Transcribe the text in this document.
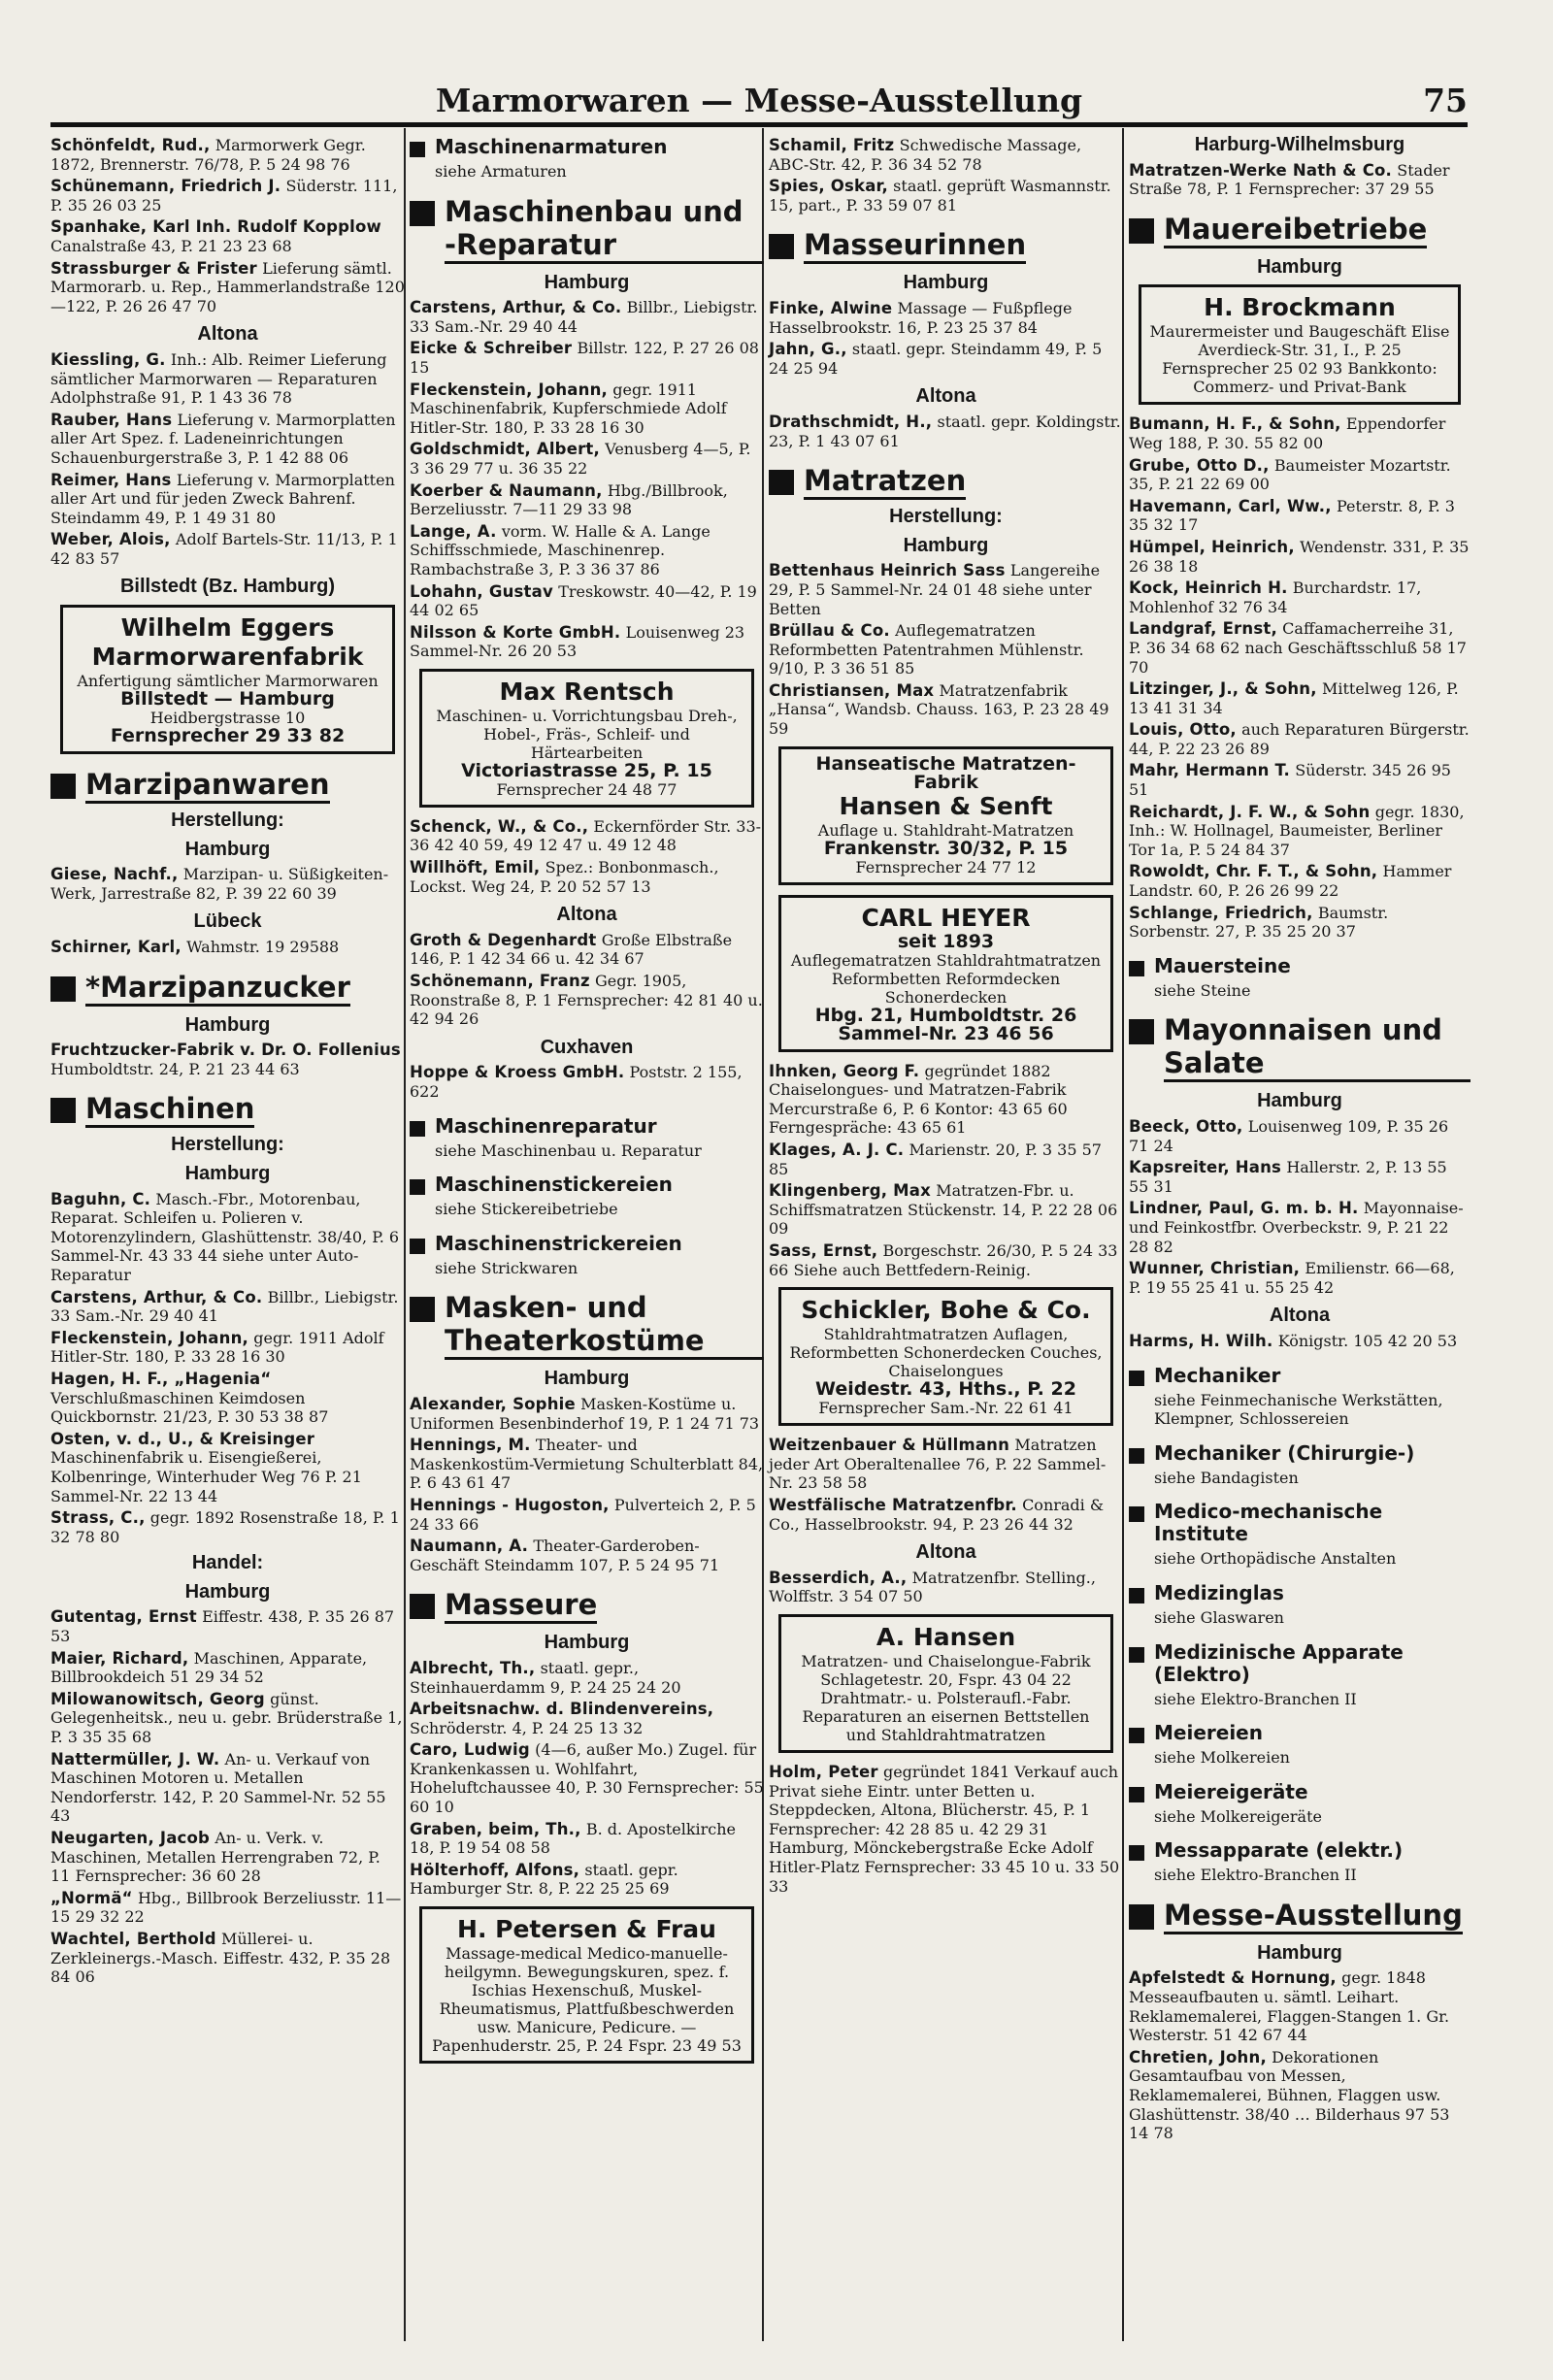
Marmorwaren — Messe-Ausstellung	75
Schönfeldt, Rud., Marmorwerk Gegr. 1872, Brennerstr. 76/78, P. 5 24 98 76
Schünemann, Friedrich J. Süderstr. 111, P. 35 26 03 25
Spanhake, Karl Inh. Rudolf Kopplow Canalstraße 43, P. 21 23 23 68
Strassburger & Frister Lieferung sämtl. Marmorarb. u. Rep., Hammerlandstraße 120—122, P. 26 26 47 70
Altona
Kiessling, G. Inh.: Alb. Reimer Lieferung sämtlicher Marmorwaren — Reparaturen Adolphstraße 91, P. 1 43 36 78
Rauber, Hans Lieferung v. Marmorplatten aller Art Spez. f. Ladeneinrichtungen Schauenburgerstraße 3, P. 1 42 88 06
Reimer, Hans Lieferung v. Marmorplatten aller Art und für jeden Zweck Bahrenf. Steindamm 49, P. 1 49 31 80
Weber, Alois, Adolf Bartels-Str. 11/13, P. 1 42 83 57
Billstedt (Bz. Hamburg)
Wilhelm Eggers Marmorwarenfabrik
Anfertigung sämtlicher Marmorwaren
Billstedt — Hamburg
Heidbergstrasse 10
Fernsprecher 29 33 82
Marzipanwaren
Herstellung:
Hamburg
Giese, Nachf., Marzipan- u. Süßigkeiten-Werk, Jarrestraße 82, P. 39 22 60 39
Lübeck
Schirner, Karl, Wahmstr. 19 29588
*Marzipanzucker
Hamburg
Fruchtzucker-Fabrik v. Dr. O. Follenius Humboldtstr. 24, P. 21 23 44 63
Maschinen
Herstellung:
Hamburg
Baguhn, C. Masch.-Fbr., Motorenbau, Reparat. Schleifen u. Polieren v. Motorenzylindern, Glashüttenstr. 38/40, P. 6 Sammel-Nr. 43 33 44 siehe unter Auto-Reparatur
Carstens, Arthur, & Co. Billbr., Liebigstr. 33 Sam.-Nr. 29 40 41
Fleckenstein, Johann, gegr. 1911 Adolf Hitler-Str. 180, P. 33 28 16 30
Hagen, H. F., „Hagenia“ Verschlußmaschinen Keimdosen Quickbornstr. 21/23, P. 30 53 38 87
Osten, v. d., U., & Kreisinger Maschinenfabrik u. Eisengießerei, Kolbenringe, Winterhuder Weg 76 P. 21 Sammel-Nr. 22 13 44
Strass, C., gegr. 1892 Rosenstraße 18, P. 1 32 78 80
Handel:
Hamburg
Gutentag, Ernst Eiffestr. 438, P. 35 26 87 53
Maier, Richard, Maschinen, Apparate, Billbrookdeich 51 29 34 52
Milowanowitsch, Georg günst. Gelegenheitsk., neu u. gebr. Brüderstraße 1, P. 3 35 35 68
Nattermüller, J. W. An- u. Verkauf von Maschinen Motoren u. Metallen Nendorferstr. 142, P. 20 Sammel-Nr. 52 55 43
Neugarten, Jacob An- u. Verk. v. Maschinen, Metallen Herrengraben 72, P. 11 Fernsprecher: 36 60 28
„Normä“ Hbg., Billbrook Berzeliusstr. 11—15 29 32 22
Wachtel, Berthold Müllerei- u. Zerkleinergs.-Masch. Eiffestr. 432, P. 35 28 84 06
Maschinenarmaturen
siehe Armaturen
Maschinenbau und -Reparatur
Hamburg
Carstens, Arthur, & Co. Billbr., Liebigstr. 33 Sam.-Nr. 29 40 44
Eicke & Schreiber Billstr. 122, P. 27 26 08 15
Fleckenstein, Johann, gegr. 1911 Maschinenfabrik, Kupferschmiede Adolf Hitler-Str. 180, P. 33 28 16 30
Goldschmidt, Albert, Venusberg 4—5, P. 3 36 29 77 u. 36 35 22
Koerber & Naumann, Hbg./Billbrook, Berzeliusstr. 7—11 29 33 98
Lange, A. vorm. W. Halle & A. Lange Schiffsschmiede, Maschinenrep. Rambachstraße 3, P. 3 36 37 86
Lohahn, Gustav Treskowstr. 40—42, P. 19 44 02 65
Nilsson & Korte GmbH. Louisenweg 23 Sammel-Nr. 26 20 53
Max Rentsch
Maschinen- u. Vorrichtungsbau Dreh-, Hobel-, Fräs-, Schleif- und Härtearbeiten
Victoriastrasse 25, P. 15
Fernsprecher 24 48 77
Schenck, W., & Co., Eckernförder Str. 33-36 42 40 59, 49 12 47 u. 49 12 48
Willhöft, Emil, Spez.: Bonbonmasch., Lockst. Weg 24, P. 20 52 57 13
Altona
Groth & Degenhardt Große Elbstraße 146, P. 1 42 34 66 u. 42 34 67
Schönemann, Franz Gegr. 1905, Roonstraße 8, P. 1 Fernsprecher: 42 81 40 u. 42 94 26
Cuxhaven
Hoppe & Kroess GmbH. Poststr. 2 155, 622
Maschinenreparatur
siehe Maschinenbau u. Reparatur
Maschinenstickereien
siehe Stickereibetriebe
Maschinenstrickereien
siehe Strickwaren
Masken- und Theaterkostüme
Hamburg
Alexander, Sophie Masken-Kostüme u. Uniformen Besenbinderhof 19, P. 1 24 71 73
Hennings, M. Theater- und Maskenkostüm-Vermietung Schulterblatt 84, P. 6 43 61 47
Hennings - Hugoston, Pulverteich 2, P. 5 24 33 66
Naumann, A. Theater-Garderoben-Geschäft Steindamm 107, P. 5 24 95 71
Masseure
Hamburg
Albrecht, Th., staatl. gepr., Steinhauerdamm 9, P. 24 25 24 20
Arbeitsnachw. d. Blindenvereins, Schröderstr. 4, P. 24 25 13 32
Caro, Ludwig (4—6, außer Mo.) Zugel. für Krankenkassen u. Wohlfahrt, Hoheluftchaussee 40, P. 30 Fernsprecher: 55 60 10
Graben, beim, Th., B. d. Apostelkirche 18, P. 19 54 08 58
Hölterhoff, Alfons, staatl. gepr. Hamburger Str. 8, P. 22 25 25 69
H. Petersen & Frau
Massage-medical Medico-manuelle-heilgymn. Bewegungskuren, spez. f. Ischias Hexenschuß, Muskel-Rheumatismus, Plattfußbeschwerden usw. Manicure, Pedicure. — Papenhuderstr. 25, P. 24 Fspr. 23 49 53
Schamil, Fritz Schwedische Massage, ABC-Str. 42, P. 36 34 52 78
Spies, Oskar, staatl. geprüft Wasmannstr. 15, part., P. 33 59 07 81
Masseurinnen
Hamburg
Finke, Alwine Massage — Fußpflege Hasselbrookstr. 16, P. 23 25 37 84
Jahn, G., staatl. gepr. Steindamm 49, P. 5 24 25 94
Altona
Drathschmidt, H., staatl. gepr. Koldingstr. 23, P. 1 43 07 61
Matratzen
Herstellung:
Hamburg
Bettenhaus Heinrich Sass Langereihe 29, P. 5 Sammel-Nr. 24 01 48 siehe unter Betten
Brüllau & Co. Auflegematratzen Reformbetten Patentrahmen Mühlenstr. 9/10, P. 3 36 51 85
Christiansen, Max Matratzenfabrik „Hansa“, Wandsb. Chauss. 163, P. 23 28 49 59
Hanseatische Matratzen-Fabrik
Hansen & Senft
Auflage u. Stahldraht-Matratzen
Frankenstr. 30/32, P. 15
Fernsprecher 24 77 12
CARL HEYER
seit 1893
Auflegematratzen Stahldrahtmatratzen Reformbetten Reformdecken Schonerdecken
Hbg. 21, Humboldtstr. 26
Sammel-Nr. 23 46 56
Ihnken, Georg F. gegründet 1882 Chaiselongues- und Matratzen-Fabrik Mercurstraße 6, P. 6 Kontor: 43 65 60 Ferngespräche: 43 65 61
Klages, A. J. C. Marienstr. 20, P. 3 35 57 85
Klingenberg, Max Matratzen-Fbr. u. Schiffsmatratzen Stückenstr. 14, P. 22 28 06 09
Sass, Ernst, Borgeschstr. 26/30, P. 5 24 33 66 Siehe auch Bettfedern-Reinig.
Schickler, Bohe & Co.
Stahldrahtmatratzen Auflagen, Reformbetten Schonerdecken Couches, Chaiselongues
Weidestr. 43, Hths., P. 22
Fernsprecher Sam.-Nr. 22 61 41
Weitzenbauer & Hüllmann Matratzen jeder Art Oberaltenallee 76, P. 22 Sammel-Nr. 23 58 58
Westfälische Matratzenfbr. Conradi & Co., Hasselbrookstr. 94, P. 23 26 44 32
Altona
Besserdich, A., Matratzenfbr. Stelling., Wolffstr. 3 54 07 50
A. Hansen
Matratzen- und Chaiselongue-Fabrik
Schlagetestr. 20, Fspr. 43 04 22 Drahtmatr.- u. Polsteraufl.-Fabr. Reparaturen an eisernen Bettstellen und Stahldrahtmatratzen
Holm, Peter gegründet 1841 Verkauf auch Privat siehe Eintr. unter Betten u. Steppdecken, Altona, Blücherstr. 45, P. 1 Fernsprecher: 42 28 85 u. 42 29 31 Hamburg, Mönckebergstraße Ecke Adolf Hitler-Platz Fernsprecher: 33 45 10 u. 33 50 33
Harburg-Wilhelmsburg
Matratzen-Werke Nath & Co. Stader Straße 78, P. 1 Fernsprecher: 37 29 55
Mauereibetriebe
Hamburg
H. Brockmann
Maurermeister und Baugeschäft Elise Averdieck-Str. 31, I., P. 25 Fernsprecher 25 02 93 Bankkonto: Commerz- und Privat-Bank
Bumann, H. F., & Sohn, Eppendorfer Weg 188, P. 30. 55 82 00
Grube, Otto D., Baumeister Mozartstr. 35, P. 21 22 69 00
Havemann, Carl, Ww., Peterstr. 8, P. 3 35 32 17
Hümpel, Heinrich, Wendenstr. 331, P. 35 26 38 18
Kock, Heinrich H. Burchardstr. 17, Mohlenhof 32 76 34
Landgraf, Ernst, Caffamacherreihe 31, P. 36 34 68 62 nach Geschäftsschluß 58 17 70
Litzinger, J., & Sohn, Mittelweg 126, P. 13 41 31 34
Louis, Otto, auch Reparaturen Bürgerstr. 44, P. 22 23 26 89
Mahr, Hermann T. Süderstr. 345 26 95 51
Reichardt, J. F. W., & Sohn gegr. 1830, Inh.: W. Hollnagel, Baumeister, Berliner Tor 1a, P. 5 24 84 37
Rowoldt, Chr. F. T., & Sohn, Hammer Landstr. 60, P. 26 26 99 22
Schlange, Friedrich, Baumstr. Sorbenstr. 27, P. 35 25 20 37
Mauersteine
siehe Steine
Mayonnaisen und Salate
Hamburg
Beeck, Otto, Louisenweg 109, P. 35 26 71 24
Kapsreiter, Hans Hallerstr. 2, P. 13 55 55 31
Lindner, Paul, G. m. b. H. Mayonnaise- und Feinkostfbr. Overbeckstr. 9, P. 21 22 28 82
Wunner, Christian, Emilienstr. 66—68, P. 19 55 25 41 u. 55 25 42
Altona
Harms, H. Wilh. Königstr. 105 42 20 53
Mechaniker
siehe Feinmechanische Werkstätten, Klempner, Schlossereien
Mechaniker (Chirurgie-)
siehe Bandagisten
Medico-mechanische Institute
siehe Orthopädische Anstalten
Medizinglas
siehe Glaswaren
Medizinische Apparate (Elektro)
siehe Elektro-Branchen II
Meiereien
siehe Molkereien
Meiereigeräte
siehe Molkereigeräte
Messapparate (elektr.)
siehe Elektro-Branchen II
Messe-Ausstellung
Hamburg
Apfelstedt & Hornung, gegr. 1848 Messeaufbauten u. sämtl. Leihart. Reklamemalerei, Flaggen-Stangen 1. Gr. Westerstr. 51 42 67 44
Chretien, John, Dekorationen Gesamtaufbau von Messen, Reklamemalerei, Bühnen, Flaggen usw. Glashüttenstr. 38/40 … Bilderhaus 97 53 14 78
